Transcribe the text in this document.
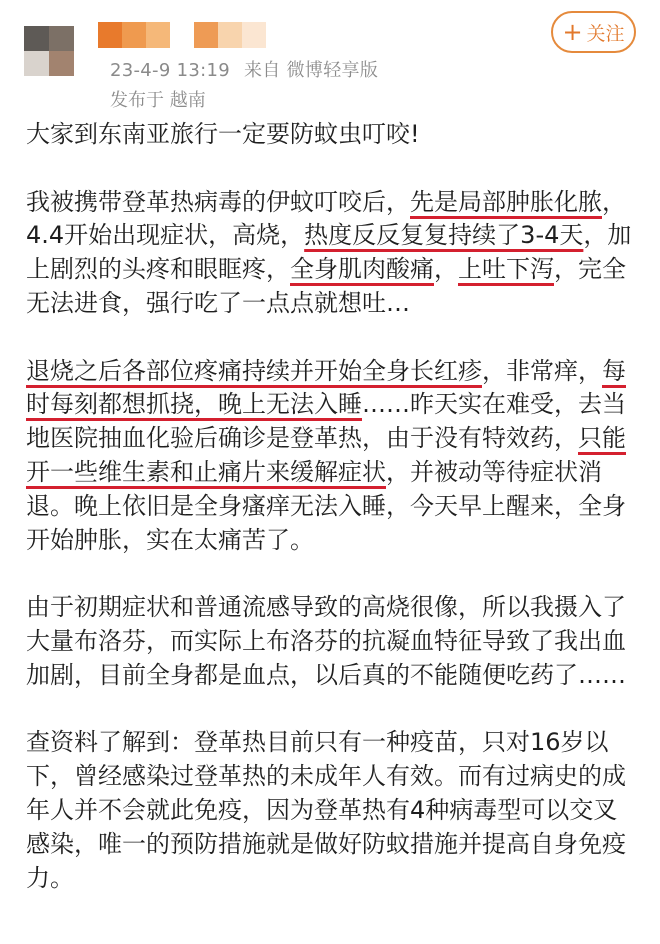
23-4-9 13:19 来自 微博轻享版
发布于 越南
+ 关注

大家到东南亚旅行一定要防蚊虫叮咬!

我被携带登革热病毒的伊蚊叮咬后，先是局部肿胀化脓，4.4开始出现症状，高烧，热度反反复复持续了3-4天，加上剧烈的头疼和眼眶疼，全身肌肉酸痛，上吐下泻，完全无法进食，强行吃了一点点就想吐…

退烧之后各部位疼痛持续并开始全身长红疹，非常痒，每时每刻都想抓挠，晚上无法入睡……昨天实在难受，去当地医院抽血化验后确诊是登革热，由于没有特效药，只能开一些维生素和止痛片来缓解症状，并被动等待症状消退。晚上依旧是全身瘙痒无法入睡，今天早上醒来，全身开始肿胀，实在太痛苦了。

由于初期症状和普通流感导致的高烧很像，所以我摄入了大量布洛芬，而实际上布洛芬的抗凝血特征导致了我出血加剧，目前全身都是血点，以后真的不能随便吃药了……

查资料了解到：登革热目前只有一种疫苗，只对16岁以下，曾经感染过登革热的未成年人有效。而有过病史的成年人并不会就此免疫，因为登革热有4种病毒型可以交叉感染，唯一的预防措施就是做好防蚊措施并提高自身免疫力。
